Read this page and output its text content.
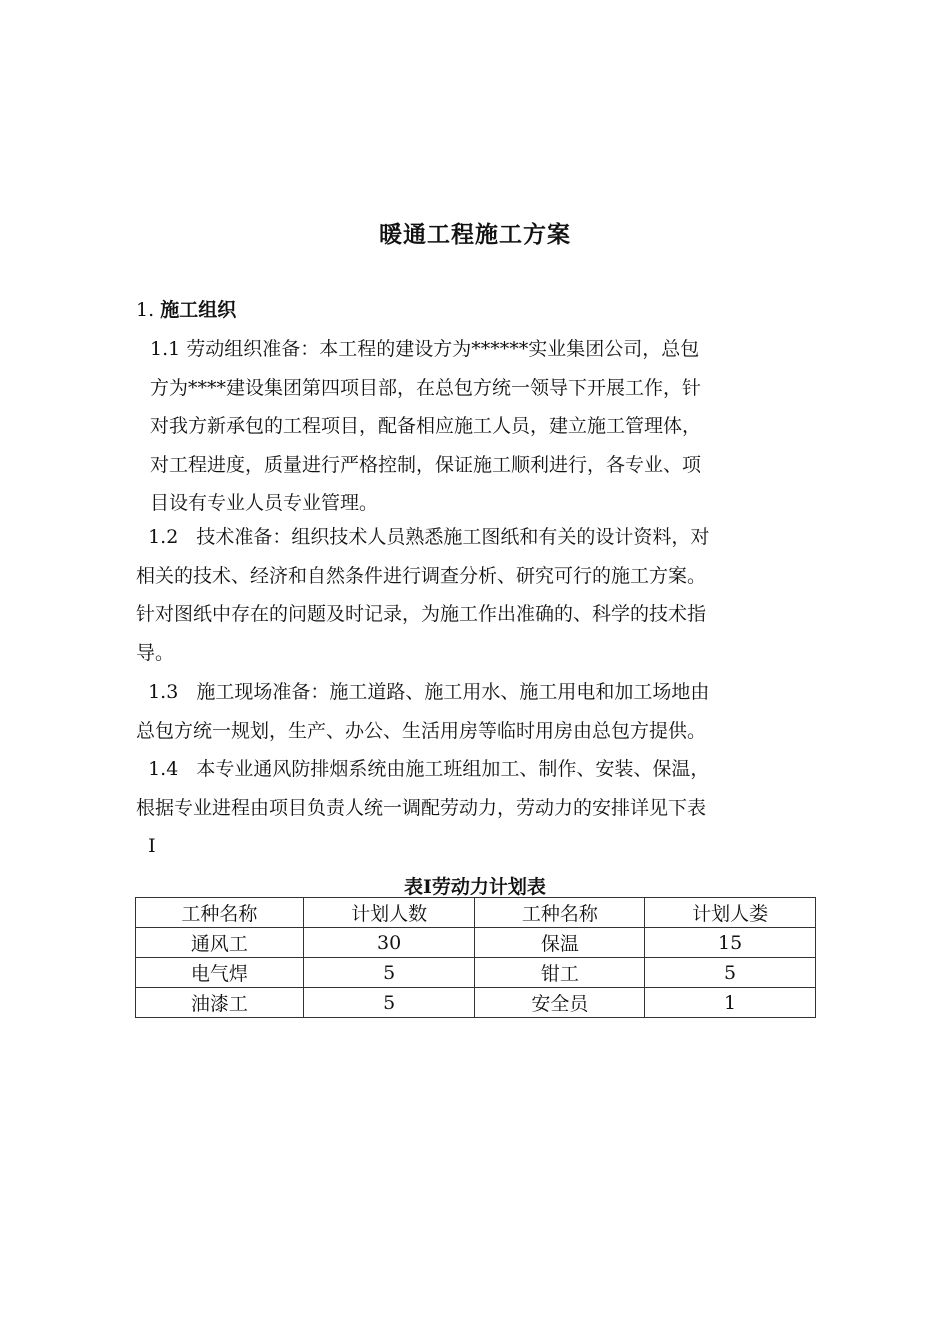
暖通工程施工方案
1. 施工组织
1.1 劳动组织准备：本工程的建设方为******实业集团公司，总包
方为****建设集团第四项目部，在总包方统一领导下开展工作，针
对我方新承包的工程项目，配备相应施工人员，建立施工管理体，
对工程进度，质量进行严格控制，保证施工顺利进行，各专业、项
目设有专业人员专业管理。
1.2   技术准备：组织技术人员熟悉施工图纸和有关的设计资料，对
相关的技术、经济和自然条件进行调查分析、研究可行的施工方案。
针对图纸中存在的问题及时记录，为施工作出准确的、科学的技术指
导。
1.3   施工现场准备：施工道路、施工用水、施工用电和加工场地由
总包方统一规划，生产、办公、生活用房等临时用房由总包方提供。
1.4   本专业通风防排烟系统由施工班组加工、制作、安装、保温，
根据专业进程由项目负责人统一调配劳动力，劳动力的安排详见下表
I
表Ⅰ劳动力计划表
工种名称	计划人数	工种名称	计划人娄
通风工	30	保温	15
电气焊	5	钳工	5
油漆工	5	安全员	1
